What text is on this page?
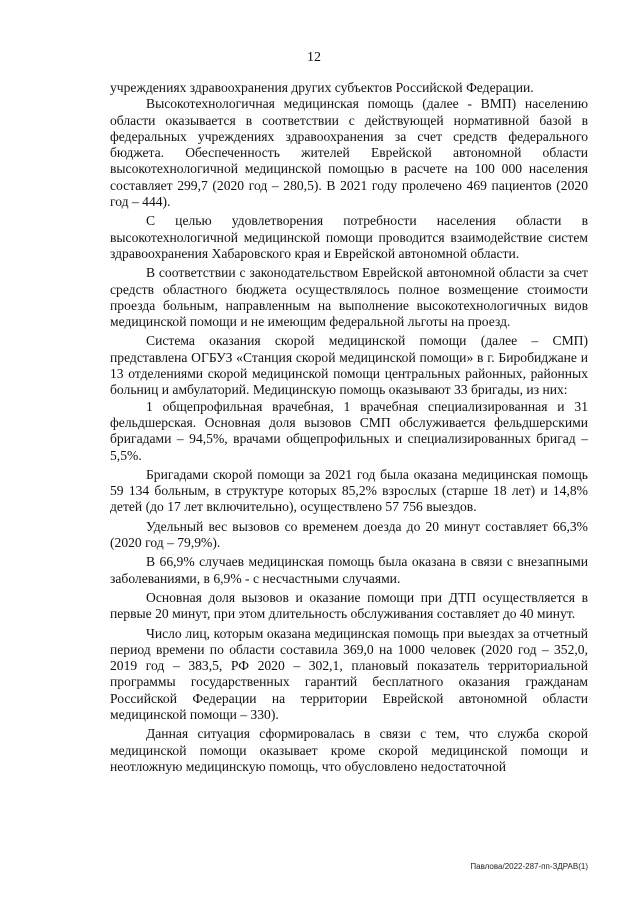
12

учреждениях здравоохранения других субъектов Российской Федерации.

Высокотехнологичная медицинская помощь (далее - ВМП) населению области оказывается в соответствии с действующей нормативной базой в федеральных учреждениях здравоохранения за счет средств федерального бюджета. Обеспеченность жителей Еврейской автономной области высокотехнологичной медицинской помощью в расчете на 100 000 населения составляет 299,7 (2020 год – 280,5). В 2021 году пролечено 469 пациентов (2020 год – 444).

С целью удовлетворения потребности населения области в высокотехнологичной медицинской помощи проводится взаимодействие систем здравоохранения Хабаровского края и Еврейской автономной области.

В соответствии с законодательством Еврейской автономной области за счет средств областного бюджета осуществлялось полное возмещение стоимости проезда больным, направленным на выполнение высокотехнологичных видов медицинской помощи и не имеющим федеральной льготы на проезд.

Система оказания скорой медицинской помощи (далее – СМП) представлена ОГБУЗ «Станция скорой медицинской помощи» в г. Биробиджане и 13 отделениями скорой медицинской помощи центральных районных, районных больниц и амбулаторий. Медицинскую помощь оказывают 33 бригады, из них:

1 общепрофильная врачебная, 1 врачебная специализированная и 31 фельдшерская. Основная доля вызовов СМП обслуживается фельдшерскими бригадами – 94,5%, врачами общепрофильных и специализированных бригад – 5,5%.

Бригадами скорой помощи за 2021 год была оказана медицинская помощь 59 134 больным, в структуре которых 85,2% взрослых (старше 18 лет) и 14,8% детей (до 17 лет включительно), осуществлено 57 756 выездов.

Удельный вес вызовов со временем доезда до 20 минут составляет 66,3% (2020 год – 79,9%).

В 66,9% случаев медицинская помощь была оказана в связи с внезапными заболеваниями, в 6,9% - с несчастными случаями.

Основная доля вызовов и оказание помощи при ДТП осуществляется в первые 20 минут, при этом длительность обслуживания составляет до 40 минут.

Число лиц, которым оказана медицинская помощь при выездах за отчетный период времени по области составила 369,0 на 1000 человек (2020 год – 352,0, 2019 год – 383,5, РФ 2020 – 302,1, плановый показатель территориальной программы государственных гарантий бесплатного оказания гражданам Российской Федерации на территории Еврейской автономной области медицинской помощи – 330).

Данная ситуация сформировалась в связи с тем, что служба скорой медицинской помощи оказывает кроме скорой медицинской помощи и неотложную медицинскую помощь, что обусловлено недостаточной

Павлова/2022-287-пп-ЗДРАВ(1)
